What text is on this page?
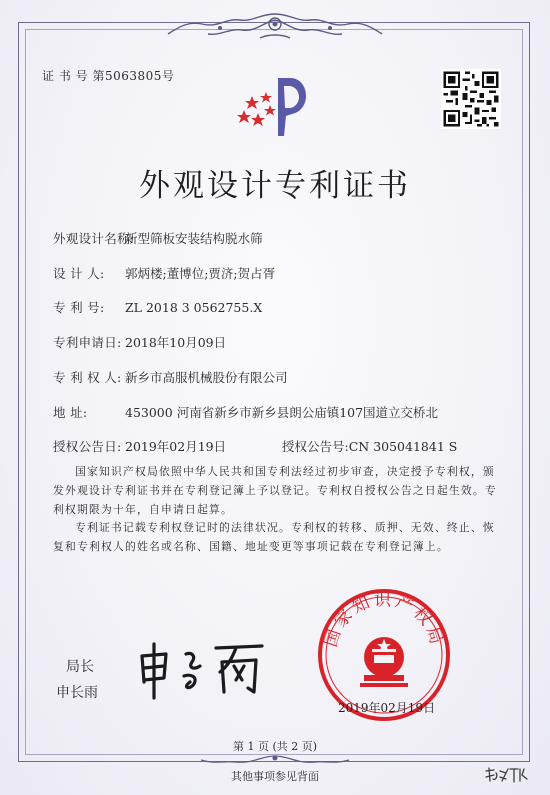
证 书 号 第5063805号
外观设计专利证书
外观设计名称:新型筛板安装结构脱水筛
设 计 人: 郭炳楼;董博位;贾济;贺占胥
专 利 号: ZL 2018 3 0562755.X
专利申请日: 2018年10月09日
专 利 权 人: 新乡市高服机械股份有限公司
地 址:	453000 河南省新乡市新乡县朗公庙镇107国道立交桥北
授权公告日: 2019年02月19日	授权公告号:CN 305041841 S
国家知识产权局依照中华人民共和国专利法经过初步审查，决定授予专利权，颁发外观设计专利证书并在专利登记簿上予以登记。专利权自授权公告之日起生效。专利权期限为十年，自申请日起算。
专利证书记载专利权登记时的法律状况。专利权的转移、质押、无效、终止、恢复和专利权人的姓名或名称、国籍、地址变更等事项记载在专利登记簿上。
局长
申长雨
国家知识产权局
2019年02月19日
第 1 页 (共 2 页)
其他事项参见背面
